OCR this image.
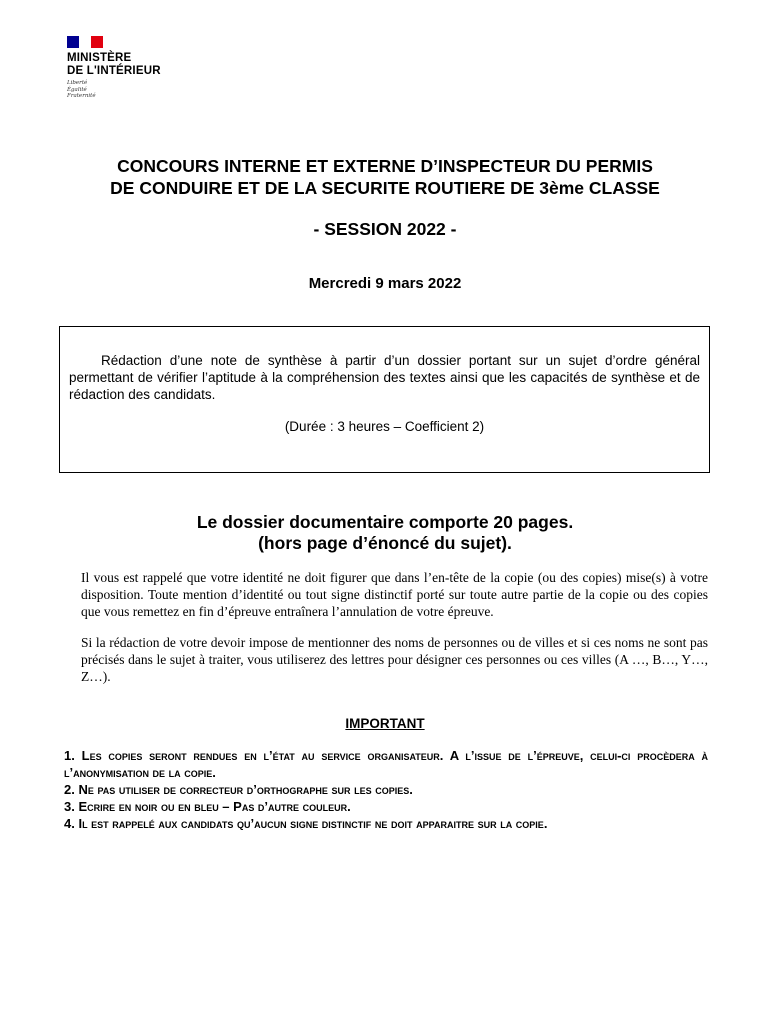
MINISTÈRE
DE L'INTÉRIEUR
Liberté
Égalité
Fraternité
CONCOURS INTERNE ET EXTERNE D’INSPECTEUR DU PERMIS
DE CONDUIRE ET DE LA SECURITE ROUTIERE DE 3ème CLASSE
- SESSION 2022 -
Mercredi 9 mars 2022

Rédaction d’une note de synthèse à partir d’un dossier portant sur un sujet d’ordre général permettant de vérifier l’aptitude à la compréhension des textes ainsi que les capacités de synthèse et de rédaction des candidats.

(Durée : 3 heures – Coefficient 2)

Le dossier documentaire comporte 20 pages.
(hors page d’énoncé du sujet).

Il vous est rappelé que votre identité ne doit figurer que dans l’en-tête de la copie (ou des copies) mise(s) à votre disposition. Toute mention d’identité ou tout signe distinctif porté sur toute autre partie de la copie ou des copies que vous remettez en fin d’épreuve entraînera l’annulation de votre épreuve.

Si la rédaction de votre devoir impose de mentionner des noms de personnes ou de villes et si ces noms ne sont pas précisés dans le sujet à traiter, vous utiliserez des lettres pour désigner ces personnes ou ces villes (A …, B…, Y…, Z…).

IMPORTANT
1. Les copies seront rendues en l’état au service organisateur. A l’issue de l’épreuve, celui-ci procèdera à l’anonymisation de la copie.
2. Ne pas utiliser de correcteur d’orthographe sur les copies.
3. Ecrire en noir ou en bleu – Pas d’autre couleur.
4. Il est rappelé aux candidats qu’aucun signe distinctif ne doit apparaitre sur la copie.
